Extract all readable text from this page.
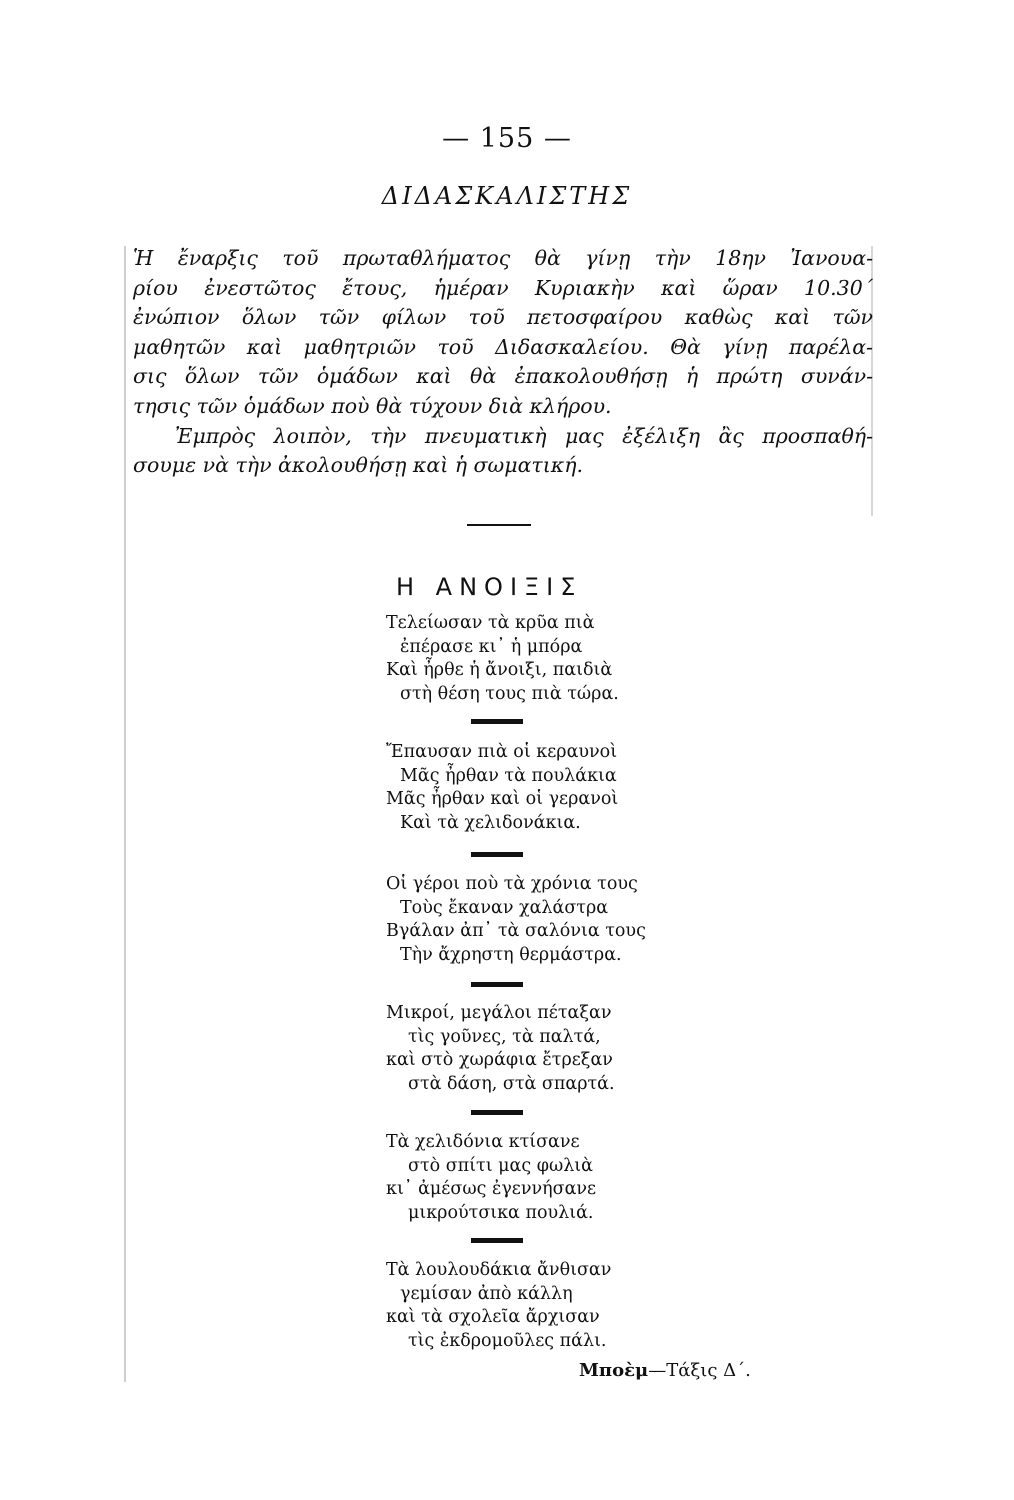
— 155 —
ΔΙΔΑΣΚΑΛΙΣΤΗΣ
Ἡ ἔναρξις τοῦ πρωταθλήματος θὰ γίνῃ τὴν 18ην Ἰανουα-
ρίου ἐνεστῶτος ἔτους, ἡμέραν Κυριακὴν καὶ ὥραν 10.30΄
ἐνώπιον ὅλων τῶν φίλων τοῦ πετοσφαίρου καθὼς καὶ τῶν
μαθητῶν καὶ μαθητριῶν τοῦ Διδασκαλείου. Θὰ γίνῃ παρέλα-
σις ὅλων τῶν ὁμάδων καὶ θὰ ἐπακολουθήσῃ ἡ πρώτη συνάν-
τησις τῶν ὁμάδων ποὺ θὰ τύχουν διὰ κλήρου.
Ἐμπρὸς λοιπὸν, τὴν πνευματικὴ μας ἐξέλιξη ἂς προσπαθή-
σουμε νὰ τὴν ἀκολουθήσῃ καὶ ἡ σωματική.
Η ΑΝΟΙΞΙΣ
Τελείωσαν τὰ κρῦα πιὰ
ἐπέρασε κι᾿ ἡ μπόρα
Καὶ ἦρθε ἡ ἄνοιξι, παιδιὰ
στὴ θέση τους πιὰ τώρα.
Ἔπαυσαν πιὰ οἱ κεραυνοὶ
Μᾶς ἦρθαν τὰ πουλάκια
Μᾶς ἦρθαν καὶ οἱ γερανοὶ
Καὶ τὰ χελιδονάκια.
Οἱ γέροι ποὺ τὰ χρόνια τους
Τοὺς ἔκαναν χαλάστρα
Βγάλαν ἀπ᾿ τὰ σαλόνια τους
Τὴν ἄχρηστη θερμάστρα.
Μικροί, μεγάλοι πέταξαν
τὶς γοῦνες, τὰ παλτά,
καὶ στὸ χωράφια ἔτρεξαν
στὰ δάση, στὰ σπαρτά.
Τὰ χελιδόνια κτίσανε
στὸ σπίτι μας φωλιὰ
κι᾿ ἀμέσως ἐγεννήσανε
μικρούτσικα πουλιά.
Τὰ λουλουδάκια ἄνθισαν
γεμίσαν ἀπὸ κάλλη
καὶ τὰ σχολεῖα ἄρχισαν
τὶς ἐκδρομοῦλες πάλι.
Μποὲμ—Τάξις Δ΄.
